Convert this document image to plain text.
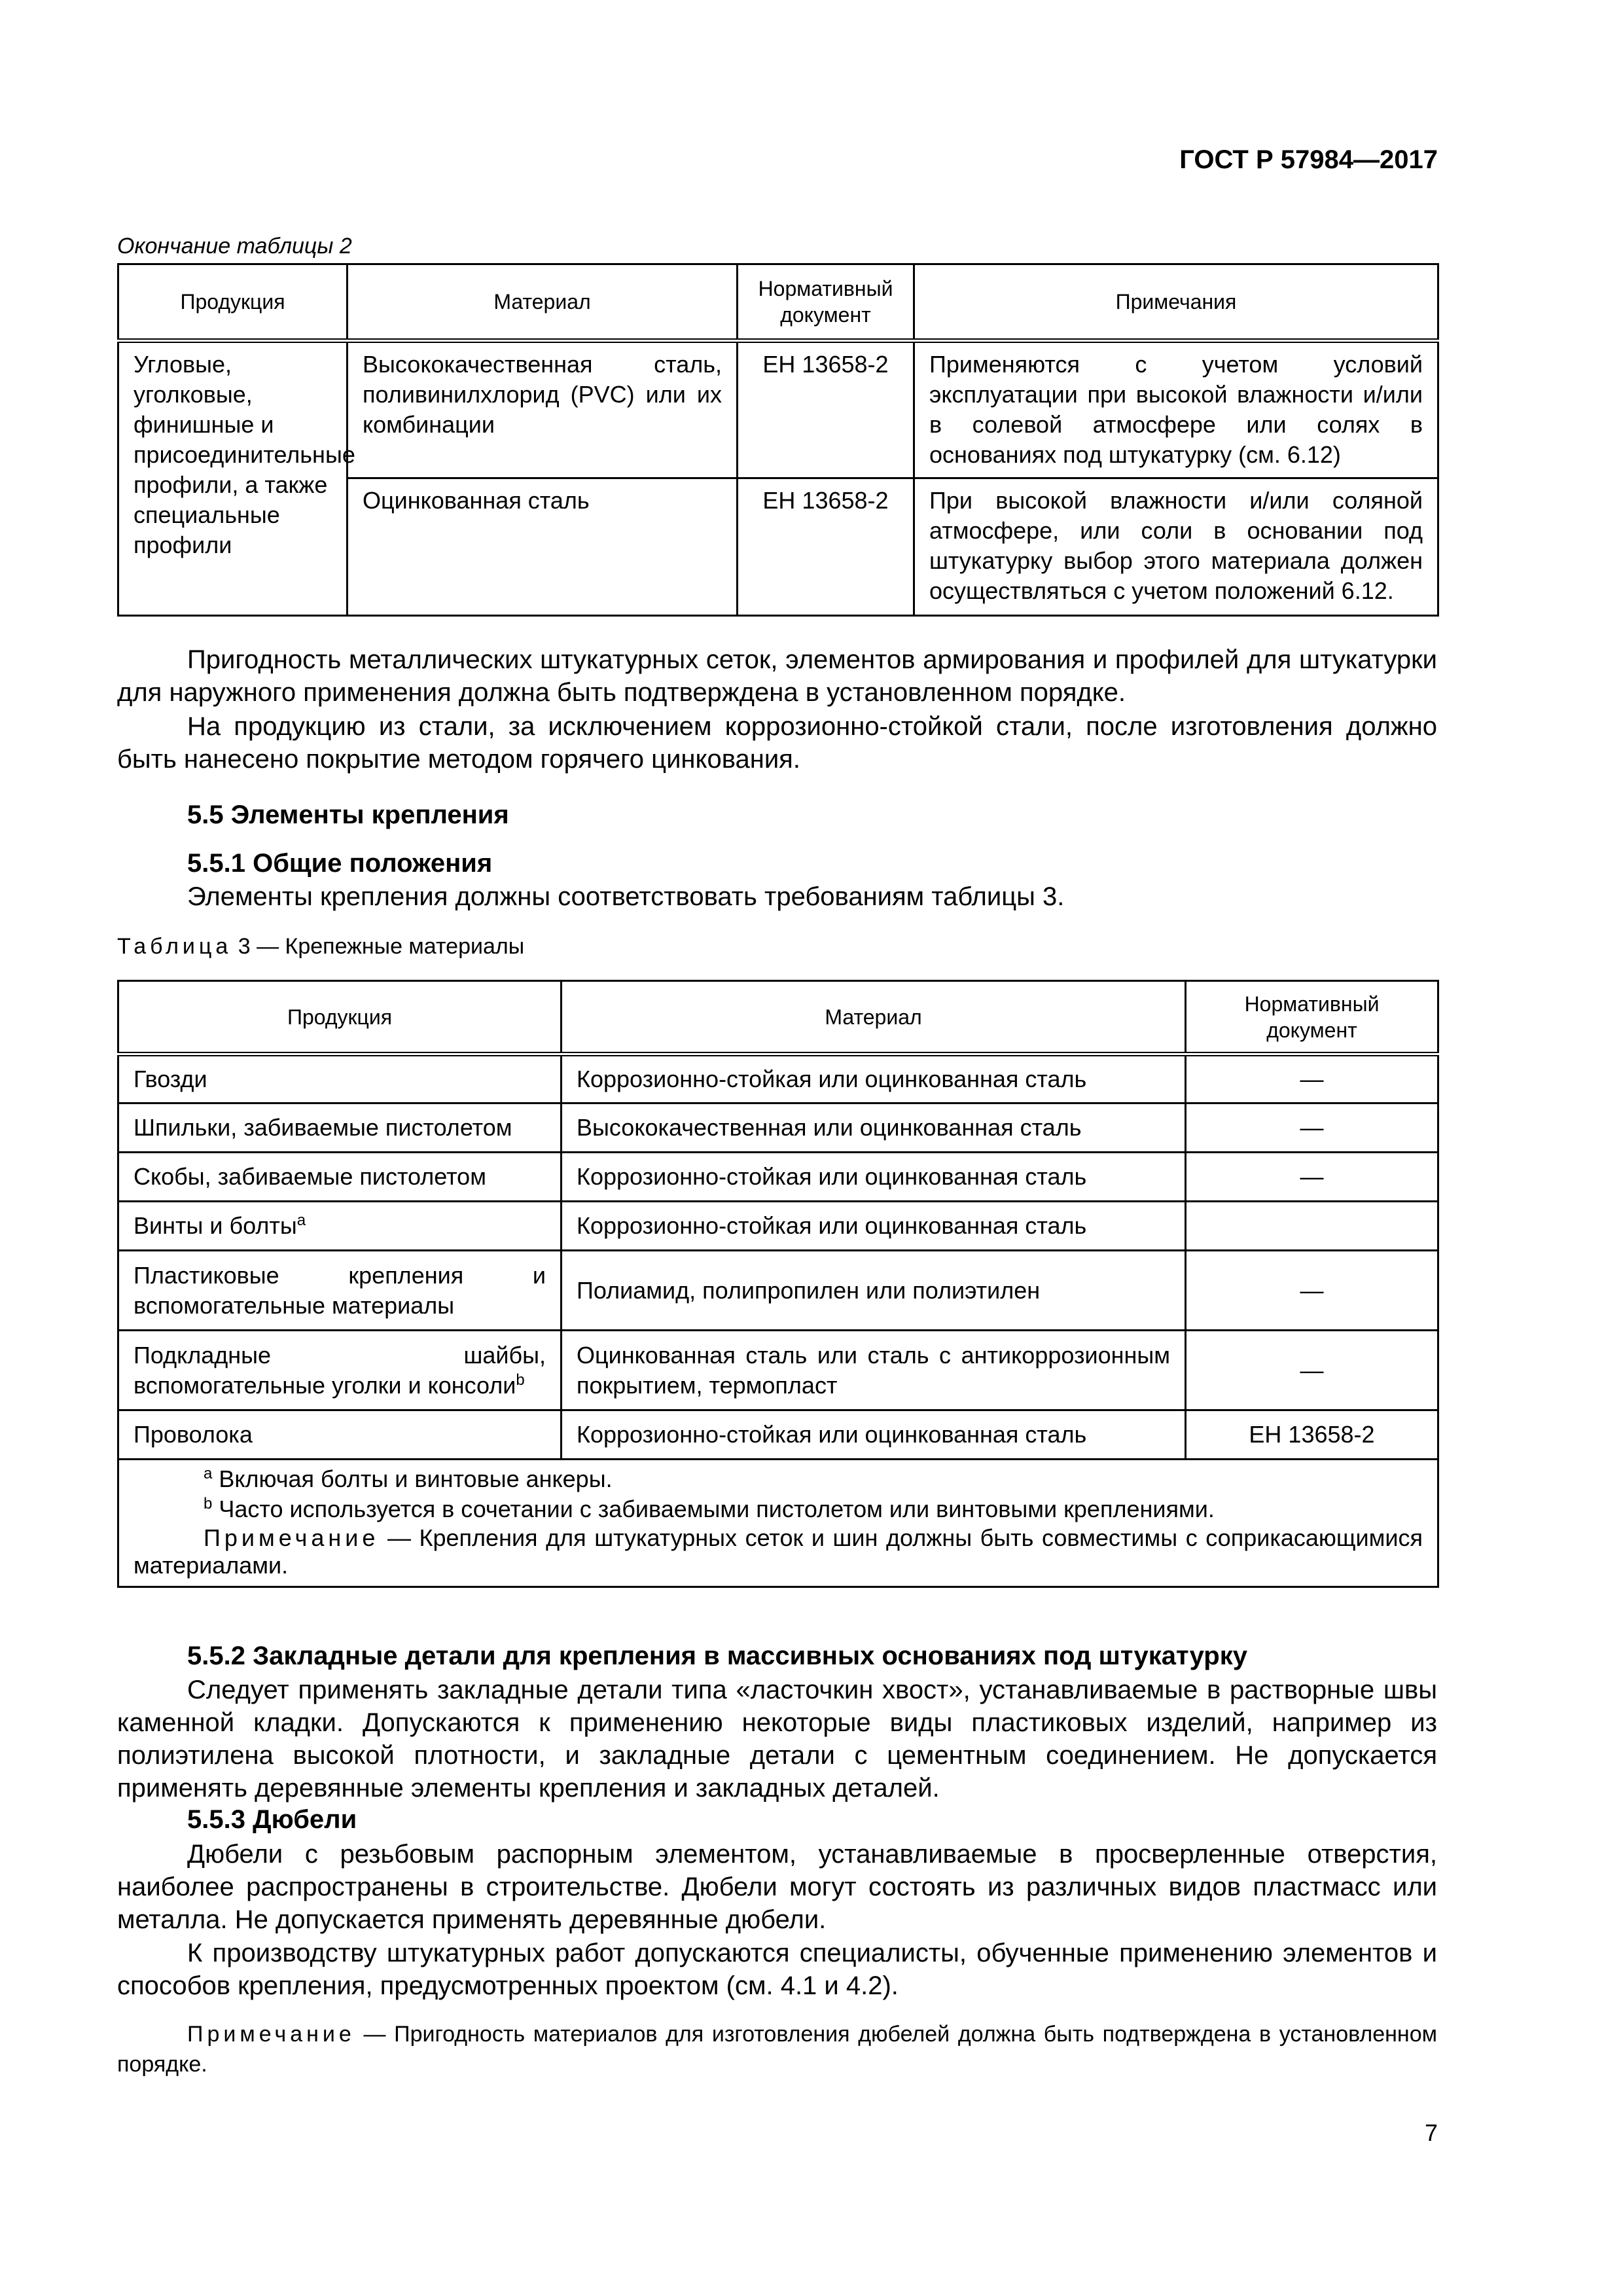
ГОСТ Р 57984—2017
Окончание таблицы 2
Продукция	Материал	Нормативный документ	Примечания
Угловые, уголковые, финишные и присоединительные профили, а также специальные профили	Высококачественная сталь, поливинилхлорид (PVC) или их комбинации	ЕН 13658-2	Применяются с учетом условий эксплуатации при высокой влажности и/или в солевой атмосфере или солях в основаниях под штукатурку (см. 6.12)
	Оцинкованная сталь	ЕН 13658-2	При высокой влажности и/или соляной атмосфере, или соли в основании под штукатурку выбор этого материала должен осуществляться с учетом положений 6.12.
Пригодность металлических штукатурных сеток, элементов армирования и профилей для штукатурки для наружного применения должна быть подтверждена в установленном порядке.
На продукцию из стали, за исключением коррозионно-стойкой стали, после изготовления должно быть нанесено покрытие методом горячего цинкования.
5.5 Элементы крепления
5.5.1 Общие положения
Элементы крепления должны соответствовать требованиям таблицы 3.
Таблица 3 — Крепежные материалы
Продукция	Материал	Нормативный документ
Гвозди	Коррозионно-стойкая или оцинкованная сталь	—
Шпильки, забиваемые пистолетом	Высококачественная или оцинкованная сталь	—
Скобы, забиваемые пистолетом	Коррозионно-стойкая или оцинкованная сталь	—
Винты и болты$^а$	Коррозионно-стойкая или оцинкованная сталь	
Пластиковые крепления и вспомогательные материалы	Полиамид, полипропилен или полиэтилен	—
Подкладные шайбы, вспомогательные уголки и консоли$^b$	Оцинкованная сталь или сталь с антикоррозионным покрытием, термопласт	—
Проволока	Коррозионно-стойкая или оцинкованная сталь	ЕН 13658-2

$^а$ Включая болты и винтовые анкеры.
$^b$ Часто используется в сочетании с забиваемыми пистолетом или винтовыми креплениями.
Примечание — Крепления для штукатурных сеток и шин должны быть совместимы с соприкасающимися материалами.		
5.5.2 Закладные детали для крепления в массивных основаниях под штукатурку
Следует применять закладные детали типа «ласточкин хвост», устанавливаемые в растворные швы каменной кладки. Допускаются к применению некоторые виды пластиковых изделий, например из полиэтилена высокой плотности, и закладные детали с цементным соединением. Не допускается применять деревянные элементы крепления и закладных деталей.
5.5.3 Дюбели
Дюбели с резьбовым распорным элементом, устанавливаемые в просверленные отверстия, наиболее распространены в строительстве. Дюбели могут состоять из различных видов пластмасс или металла. Не допускается применять деревянные дюбели.
К производству штукатурных работ допускаются специалисты, обученные применению элементов и способов крепления, предусмотренных проектом (см. 4.1 и 4.2).
Примечание — Пригодность материалов для изготовления дюбелей должна быть подтверждена в установленном порядке.
7
